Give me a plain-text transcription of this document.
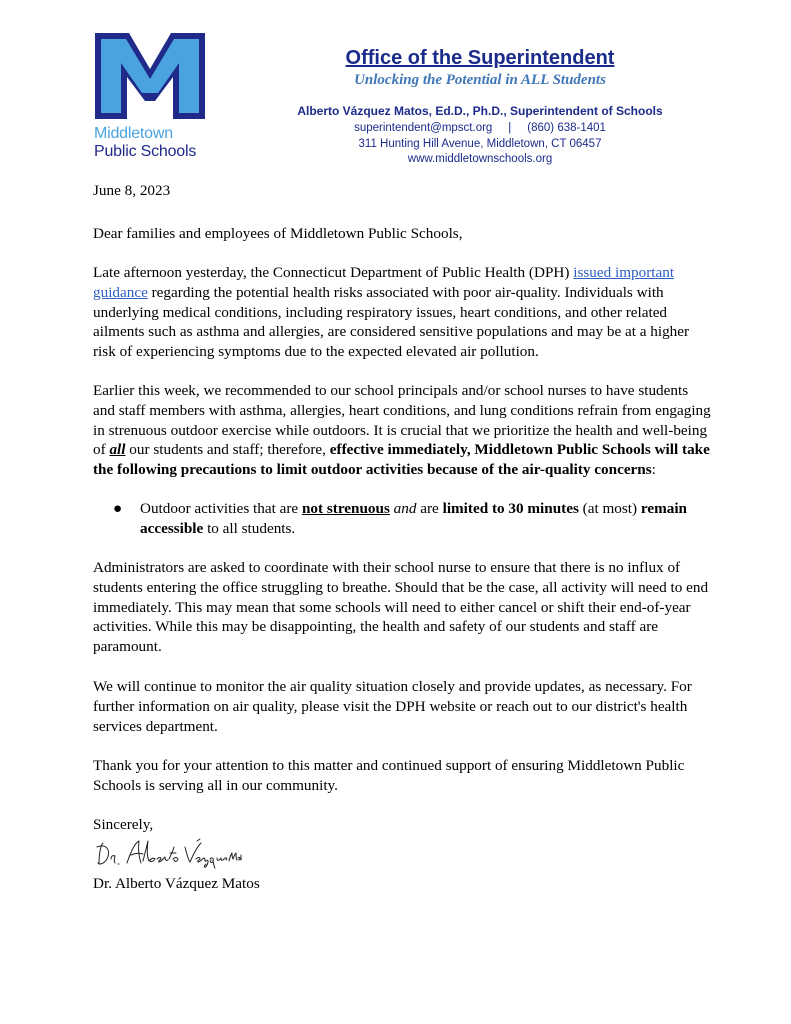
Middletown
Public Schools
Office of the Superintendent
Unlocking the Potential in ALL Students
Alberto Vázquez Matos, Ed.D., Ph.D., Superintendent of Schools
superintendent@mpsct.org | (860) 638-1401
311 Hunting Hill Avenue, Middletown, CT 06457
www.middletownschools.org

June 8, 2023

Dear families and employees of Middletown Public Schools,

Late afternoon yesterday, the Connecticut Department of Public Health (DPH) issued important guidance regarding the potential health risks associated with poor air-quality. Individuals with underlying medical conditions, including respiratory issues, heart conditions, and other related ailments such as asthma and allergies, are considered sensitive populations and may be at a higher risk of experiencing symptoms due to the expected elevated air pollution.

Earlier this week, we recommended to our school principals and/or school nurses to have students and staff members with asthma, allergies, heart conditions, and lung conditions refrain from engaging in strenuous outdoor exercise while outdoors. It is crucial that we prioritize the health and well-being of all our students and staff; therefore, effective immediately, Middletown Public Schools will take the following precautions to limit outdoor activities because of the air-quality concerns:

● Outdoor activities that are not strenuous and are limited to 30 minutes (at most) remain accessible to all students.

Administrators are asked to coordinate with their school nurse to ensure that there is no influx of students entering the office struggling to breathe. Should that be the case, all activity will need to end immediately. This may mean that some schools will need to either cancel or shift their end-of-year activities. While this may be disappointing, the health and safety of our students and staff are paramount.

We will continue to monitor the air quality situation closely and provide updates, as necessary. For further information on air quality, please visit the DPH website or reach out to our district's health services department.

Thank you for your attention to this matter and continued support of ensuring Middletown Public Schools is serving all in our community.

Sincerely,

Dr. Alberto Vázquez Matos
